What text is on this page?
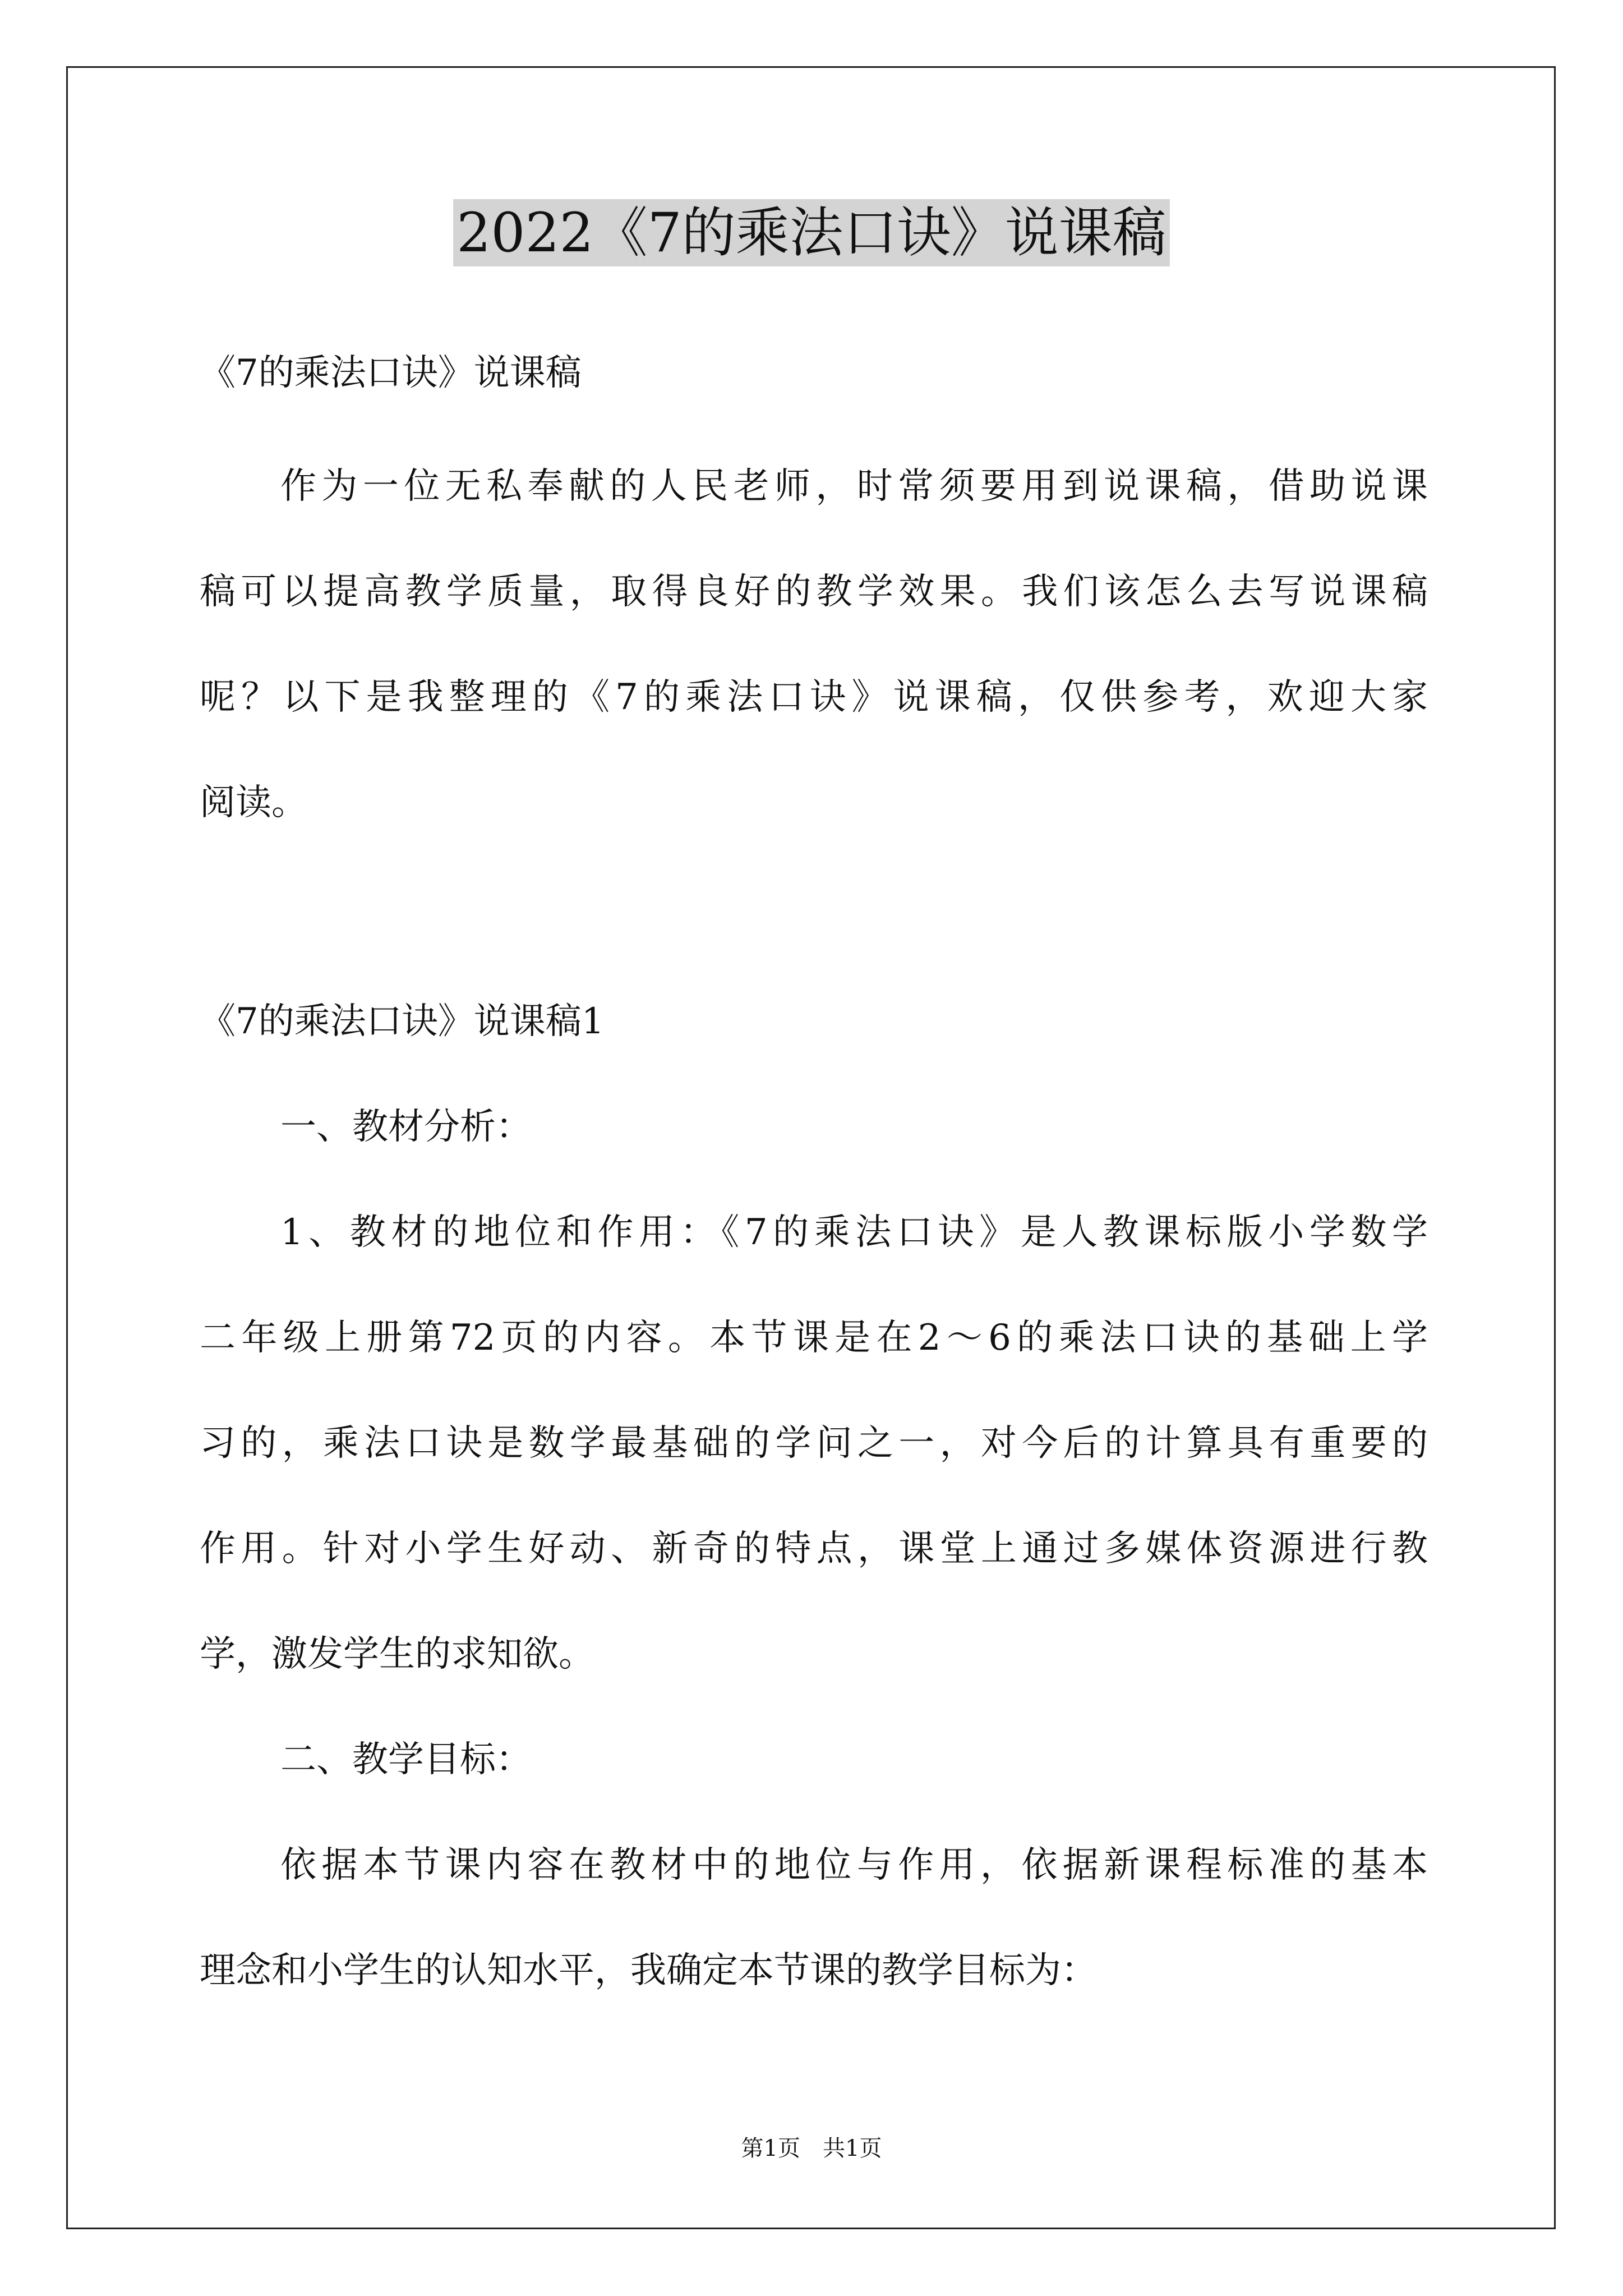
2022《7的乘法口诀》说课稿
《7的乘法口诀》说课稿
作为一位无私奉献的人民老师，时常须要用到说课稿，借助说课
稿可以提高教学质量，取得良好的教学效果。我们该怎么去写说课稿
呢？以下是我整理的《7的乘法口诀》说课稿，仅供参考，欢迎大家
阅读。
《7的乘法口诀》说课稿1
一、教材分析：
1、教材的地位和作用：《7的乘法口诀》是人教课标版小学数学
二年级上册第72页的内容。本节课是在2～6的乘法口诀的基础上学
习的，乘法口诀是数学最基础的学问之一，对今后的计算具有重要的
作用。针对小学生好动、新奇的特点，课堂上通过多媒体资源进行教
学，激发学生的求知欲。
二、教学目标：
依据本节课内容在教材中的地位与作用，依据新课程标准的基本
理念和小学生的认知水平，我确定本节课的教学目标为：
第1页 共1页
